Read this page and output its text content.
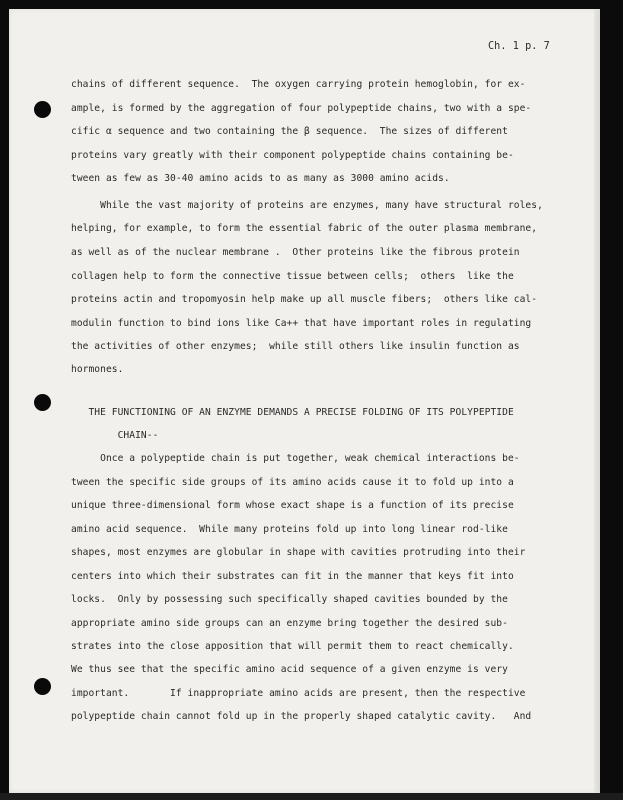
Ch. 1 p. 7
chains of different sequence.  The oxygen carrying protein hemoglobin, for ex-
ample, is formed by the aggregation of four polypeptide chains, two with a spe-
cific α sequence and two containing the β sequence.  The sizes of different
proteins vary greatly with their component polypeptide chains containing be-
tween as few as 30-40 amino acids to as many as 3000 amino acids.
While the vast majority of proteins are enzymes, many have structural roles,
helping, for example, to form the essential fabric of the outer plasma membrane,
as well as of the nuclear membrane .  Other proteins like the fibrous protein
collagen help to form the connective tissue between cells;  others  like the
proteins actin and tropomyosin help make up all muscle fibers;  others like cal-
modulin function to bind ions like Ca++ that have important roles in regulating
the activities of other enzymes;  while still others like insulin function as
hormones.
THE FUNCTIONING OF AN ENZYME DEMANDS A PRECISE FOLDING OF ITS POLYPEPTIDE
CHAIN--
Once a polypeptide chain is put together, weak chemical interactions be-
tween the specific side groups of its amino acids cause it to fold up into a
unique three-dimensional form whose exact shape is a function of its precise
amino acid sequence.  While many proteins fold up into long linear rod-like
shapes, most enzymes are globular in shape with cavities protruding into their
centers into which their substrates can fit in the manner that keys fit into
locks.  Only by possessing such specifically shaped cavities bounded by the
appropriate amino side groups can an enzyme bring together the desired sub-
strates into the close apposition that will permit them to react chemically.
We thus see that the specific amino acid sequence of a given enzyme is very
important.       If inappropriate amino acids are present, then the respective
polypeptide chain cannot fold up in the properly shaped catalytic cavity.   And
